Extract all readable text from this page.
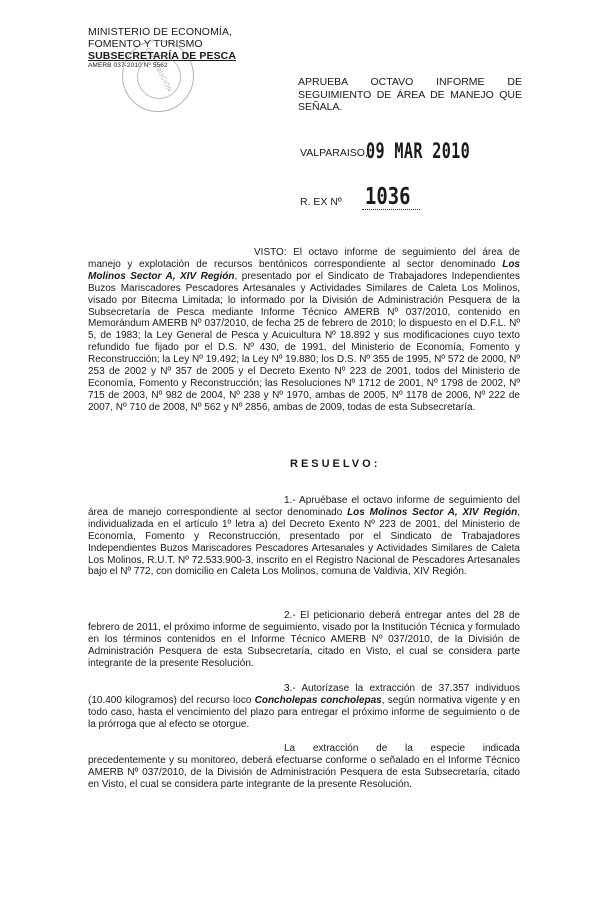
MINISTERIO DE ECONOMÍA,
FOMENTO Y TURISMO
SUBSECRETARÍA DE PESCA
AMERB 037-2010 Nº 5562
DISTRIBUCIÓN	APRUEBA OCTAVO INFORME DE SEGUIMIENTO DE ÁREA DE MANEJO QUE SEÑALA.
VALPARAISO,
09 MAR 2010
R. EX Nº 1036
VISTO: El octavo informe de seguimiento del área de manejo y explotación de recursos bentónicos correspondiente al sector denominado Los Molinos Sector A, XIV Región, presentado por el Sindicato de Trabajadores Independientes Buzos Mariscadores Pescadores Artesanales y Actividades Similares de Caleta Los Molinos, visado por Bitecma Limitada; lo informado por la División de Administración Pesquera de la Subsecretaría de Pesca mediante Informe Técnico AMERB Nº 037/2010, contenido en Memorándum AMERB Nº 037/2010, de fecha 25 de febrero de 2010; lo dispuesto en el D.F.L. Nº 5, de 1983; la Ley General de Pesca y Acuicultura Nº 18.892 y sus modificaciones cuyo texto refundido fue fijado por el D.S. Nº 430, de 1991, del Ministerio de Economía, Fomento y Reconstrucción; la Ley Nº 19.492; la Ley Nº 19.880; los D.S. Nº 355 de 1995, Nº 572 de 2000, Nº 253 de 2002 y Nº 357 de 2005 y el Decreto Exento Nº 223 de 2001, todos del Ministerio de Economía, Fomento y Reconstrucción; las Resoluciones Nº 1712 de 2001, Nº 1798 de 2002, Nº 715 de 2003, Nº 982 de 2004, Nº 238 y Nº 1970, ambas de 2005, Nº 1178 de 2006, Nº 222 de 2007, Nº 710 de 2008, Nº 562 y Nº 2856, ambas de 2009, todas de esta Subsecretaría.
RESUELVO:
1.- Apruébase el octavo informe de seguimiento del área de manejo correspondiente al sector denominado Los Molinos Sector A, XIV Región, individualizada en el artículo 1º letra a) del Decreto Exento Nº 223 de 2001, del Ministerio de Economía, Fomento y Reconstrucción, presentado por el Sindicato de Trabajadores Independientes Buzos Mariscadores Pescadores Artesanales y Actividades Similares de Caleta Los Molinos, R.U.T. Nº 72.533.900-3, inscrito en el Registro Nacional de Pescadores Artesanales bajo el Nº 772, con domicilio en Caleta Los Molinos, comuna de Valdivia, XIV Región.
2.- El peticionario deberá entregar antes del 28 de febrero de 2011, el próximo informe de seguimiento, visado por la Institución Técnica y formulado en los términos contenidos en el Informe Técnico AMERB Nº 037/2010, de la División de Administración Pesquera de esta Subsecretaría, citado en Visto, el cual se considera parte integrante de la presente Resolución.
3.- Autorízase la extracción de 37.357 individuos (10.400 kilogramos) del recurso loco Concholepas concholepas, según normativa vigente y en todo caso, hasta el vencimiento del plazo para entregar el próximo informe de seguimiento o de la prórroga que al efecto se otorgue.
La extracción de la especie indicada precedentemente y su monitoreo, deberá efectuarse conforme o señalado en el Informe Técnico AMERB Nº 037/2010, de la División de Administración Pesquera de esta Subsecretaría, citado en Visto, el cual se considera parte integrante de la presente Resolución.
